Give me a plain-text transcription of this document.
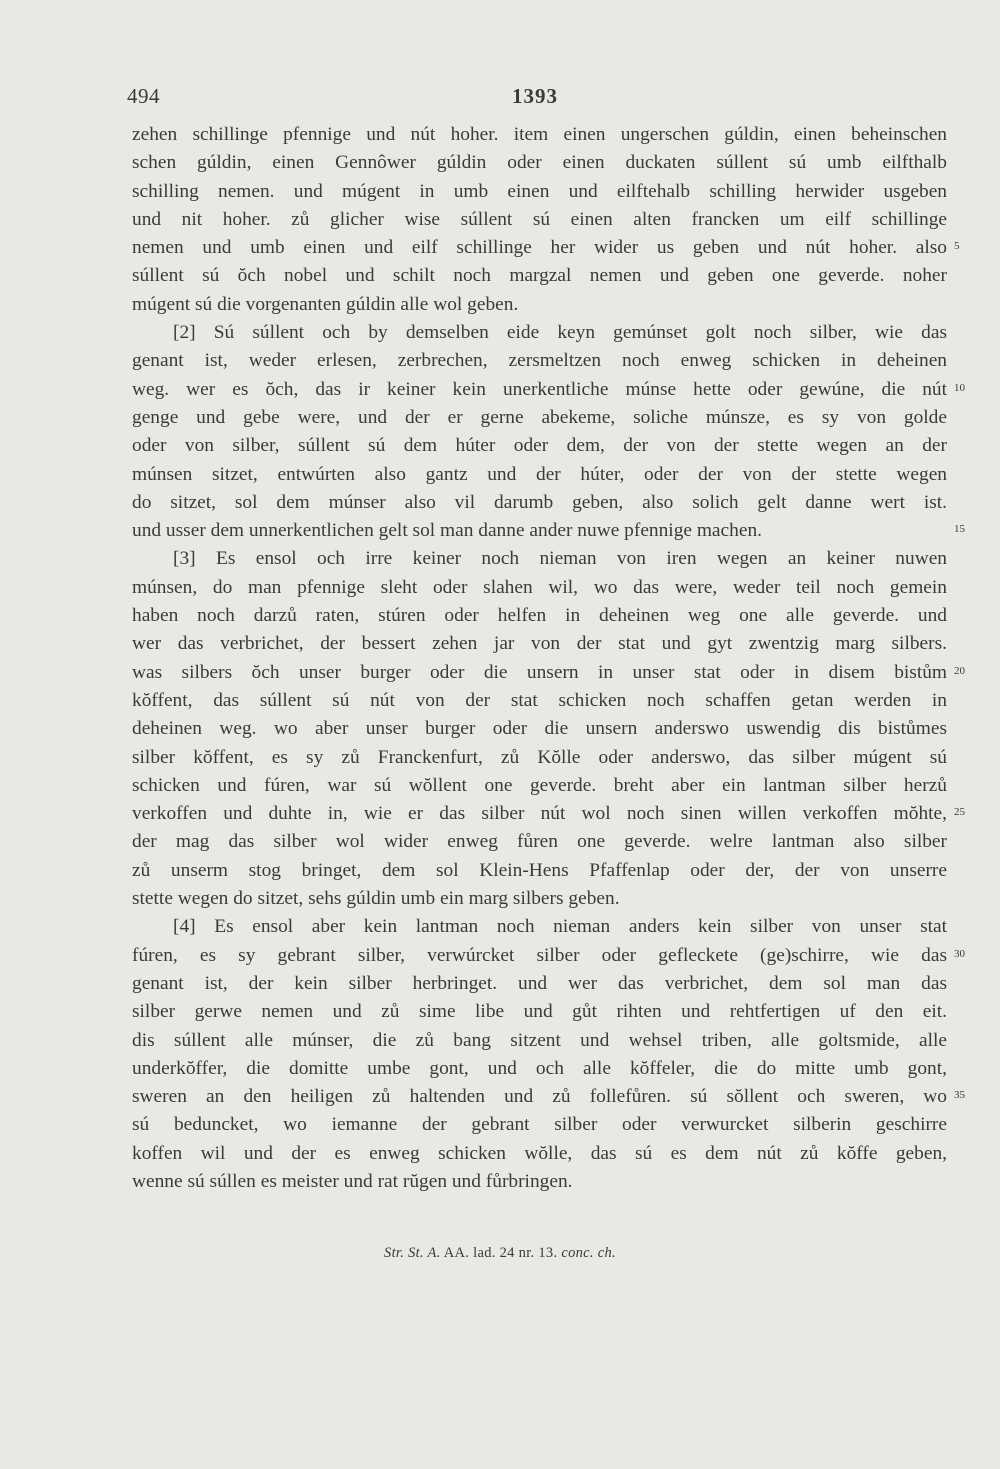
494	1393
zehen schillinge pfennige und nút hoher. item einen ungerschen gúldin, einen beheinschen
schen gúldin, einen Gennôwer gúldin oder einen duckaten súllent sú umb eilfthalb
schilling nemen. und múgent in umb einen und eilftehalb schilling herwider usgeben
und nit hoher. zů glicher wise súllent sú einen alten francken um eilf schillinge
nemen und umb einen und eilf schillinge her wider us geben und nút hoher. also 5
súllent sú ŏch nobel und schilt noch margzal nemen und geben one geverde. noher
múgent sú die vorgenanten gúldin alle wol geben.
[2] Sú súllent och by demselben eide keyn gemúnset golt noch silber, wie das
genant ist, weder erlesen, zerbrechen, zersmeltzen noch enweg schicken in deheinen
weg. wer es ŏch, das ir keiner kein unerkentliche múnse hette oder gewúne, die nút 10
genge und gebe were, und der er gerne abekeme, soliche múnsze, es sy von golde
oder von silber, súllent sú dem húter oder dem, der von der stette wegen an der
múnsen sitzet, entwúrten also gantz und der húter, oder der von der stette wegen
do sitzet, sol dem múnser also vil darumb geben, also solich gelt danne wert ist.
und usser dem unnerkentlichen gelt sol man danne ander nuwe pfennige machen.	15
[3] Es ensol och irre keiner noch nieman von iren wegen an keiner nuwen
múnsen, do man pfennige sleht oder slahen wil, wo das were, weder teil noch gemein
haben noch darzů raten, stúren oder helfen in deheinen weg one alle geverde. und
wer das verbrichet, der bessert zehen jar von der stat und gyt zwentzig marg silbers.
was silbers ŏch unser burger oder die unsern in unser stat oder in disem bistům 20
kŏffent, das súllent sú nút von der stat schicken noch schaffen getan werden in
deheinen weg. wo aber unser burger oder die unsern anderswo uswendig dis bistůmes
silber kŏffent, es sy zů Franckenfurt, zů Kŏlle oder anderswo, das silber múgent sú
schicken und fúren, war sú wŏllent one geverde. breht aber ein lantman silber herzů
verkoffen und duhte in, wie er das silber nút wol noch sinen willen verkoffen mŏhte, 25
der mag das silber wol wider enweg fůren one geverde. welre lantman also silber
zů unserm stog bringet, dem sol Klein-Hens Pfaffenlap oder der, der von unserre
stette wegen do sitzet, sehs gúldin umb ein marg silbers geben.
[4] Es ensol aber kein lantman noch nieman anders kein silber von unser stat
fúren, es sy gebrant silber, verwúrcket silber oder gefleckete (ge)schirre, wie das 30
genant ist, der kein silber herbringet. und wer das verbrichet, dem sol man das
silber gerwe nemen und zů sime libe und gůt rihten und rehtfertigen uf den eit.
dis súllent alle múnser, die zů bang sitzent und wehsel triben, alle goltsmide, alle
underkŏffer, die domitte umbe gont, und och alle kŏffeler, die do mitte umb gont,
sweren an den heiligen zů haltenden und zů follefůren. sú sŏllent och sweren, wo 35
sú beduncket, wo iemanne der gebrant silber oder verwurcket silberin geschirre
koffen wil und der es enweg schicken wŏlle, das sú es dem nút zů kŏffe geben,
wenne sú súllen es meister und rat rŭgen und fůrbringen.
Str. St. A. AA. lad. 24 nr. 13. conc. ch.
